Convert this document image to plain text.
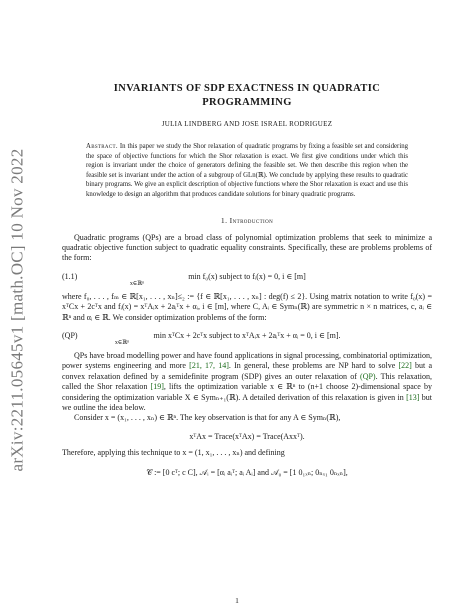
arXiv:2211.05645v1 [math.OC] 10 Nov 2022
INVARIANTS OF SDP EXACTNESS IN QUADRATIC
PROGRAMMING
JULIA LINDBERG AND JOSE ISRAEL RODRIGUEZ
Abstract. In this paper we study the Shor relaxation of quadratic programs by fixing a feasible set and considering the space of objective functions for which the Shor relaxation is exact. We first give conditions under which this region is invariant under the choice of generators defining the feasible set. We then describe this region when the feasible set is invariant under the action of a subgroup of GLn(ℝ). We conclude by applying these results to quadratic binary programs. We give an explicit description of objective functions where the Shor relaxation is exact and use this knowledge to design an algorithm that produces candidate solutions for binary quadratic programs.
1. Introduction

Quadratic programs (QPs) are a broad class of polynomial optimization problems that seek to minimize a quadratic objective function subject to quadratic equality constraints. Specifically, these are problems problems of the form:

(1.1)	min f₀(x) subject to fᵢ(x) = 0, i ∈ [m]
x∈ℝⁿ

where f₀, . . . , fₘ ∈ ℝ[x₁, . . . , xₙ]≤₂ := {f ∈ ℝ[x₁, . . . , xₙ] : deg(f) ≤ 2}. Using matrix notation to write f₀(x) = xᵀCx + 2cᵀx and fᵢ(x) = xᵀAᵢx + 2aᵢᵀx + αᵢ, i ∈ [m], where C, Aᵢ ∈ Symₙ(ℝ) are symmetric n × n matrices, c, aᵢ ∈ ℝⁿ and αᵢ ∈ ℝ. We consider optimization problems of the form:

(QP)	min xᵀCx + 2cᵀx subject to xᵀAᵢx + 2aᵢᵀx + αᵢ = 0, i ∈ [m].
x∈ℝⁿ

QPs have broad modelling power and have found applications in signal processing, combinatorial optimization, power systems engineering and more [21, 17, 14]. In general, these problems are NP hard to solve [22] but a convex relaxation defined by a semidefinite program (SDP) gives an outer relaxation of (QP). This relaxation, called the Shor relaxation [19], lifts the optimization variable x ∈ ℝⁿ to (n+1 choose 2)-dimensional space by considering the optimization variable X ∈ Symₙ₊₁(ℝ). A detailed derivation of this relaxation is given in [13] but we outline the idea below.

Consider x = (x₁, . . . , xₙ) ∈ ℝⁿ. The key observation is that for any A ∈ Symₙ(ℝ),

xᵀAx = Trace(xᵀAx) = Trace(Axxᵀ).

Therefore, applying this technique to x = (1, x₁, . . . , xₙ) and defining

𝒞 := [0 cᵀ; c C], 𝒜ᵢ = [αᵢ aᵢᵀ; aᵢ Aᵢ] and 𝒜₀ = [1 0₁ₓₙ; 0ₙₓ₁ 0ₙₓₙ],
1
